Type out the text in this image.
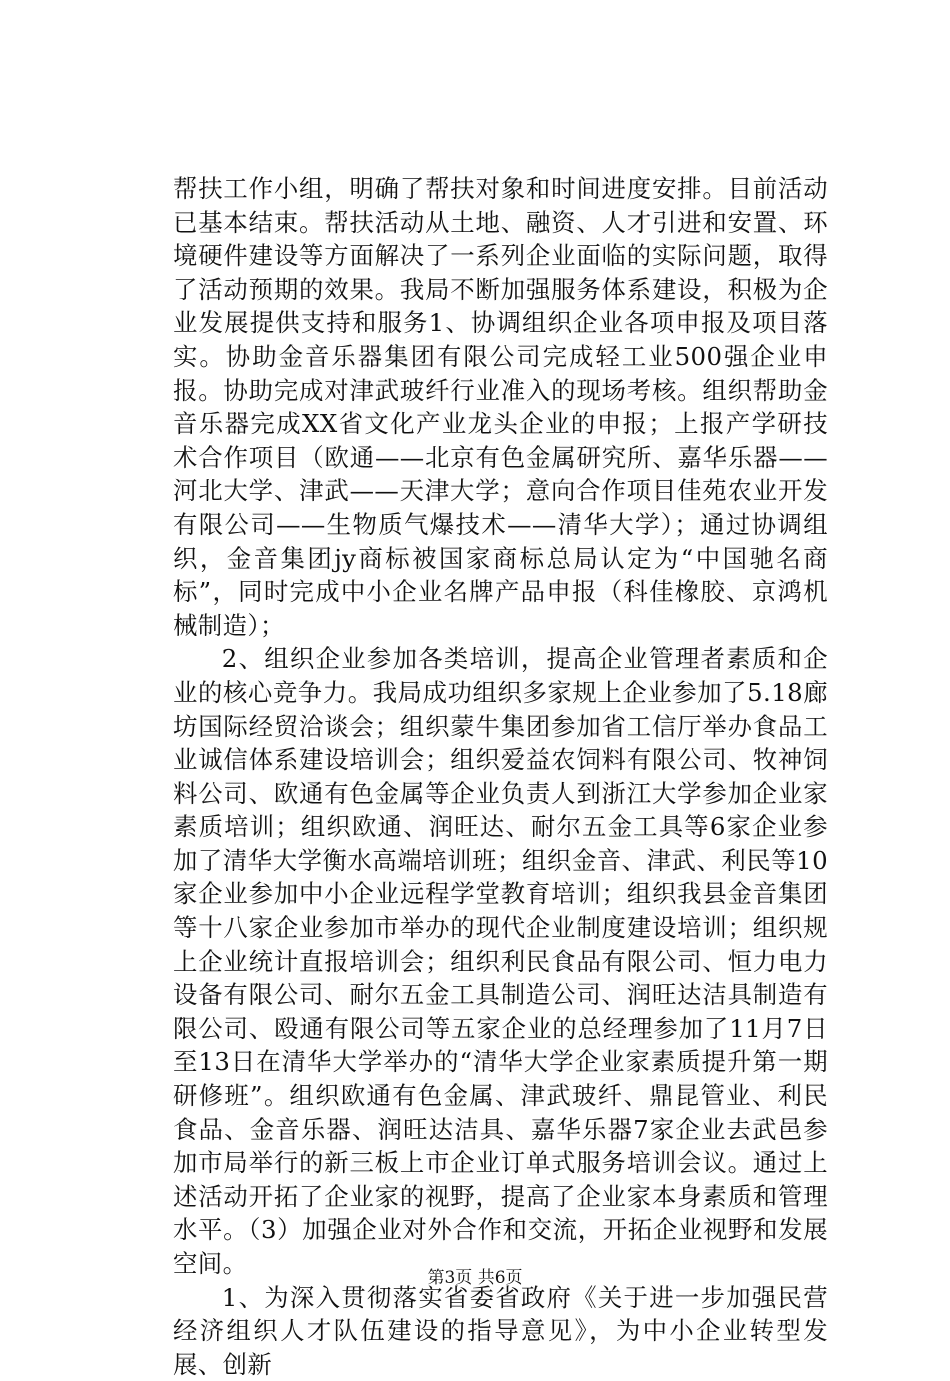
帮扶工作小组，明确了帮扶对象和时间进度安排。目前活动已基本结束。帮扶活动从土地、融资、人才引进和安置、环境硬件建设等方面解决了一系列企业面临的实际问题，取得了活动预期的效果。我局不断加强服务体系建设，积极为企业发展提供支持和服务1、协调组织企业各项申报及项目落实。协助金音乐器集团有限公司完成轻工业500强企业申报。协助完成对津武玻纤行业准入的现场考核。组织帮助金音乐器完成XX省文化产业龙头企业的申报；上报产学研技术合作项目（欧通——北京有色金属研究所、嘉华乐器——河北大学、津武——天津大学；意向合作项目佳苑农业开发有限公司——生物质气爆技术——清华大学）；通过协调组织，金音集团jy商标被国家商标总局认定为“中国驰名商标”，同时完成中小企业名牌产品申报（科佳橡胶、京鸿机械制造）；

2、组织企业参加各类培训，提高企业管理者素质和企业的核心竞争力。我局成功组织多家规上企业参加了5.18廊坊国际经贸洽谈会；组织蒙牛集团参加省工信厅举办食品工业诚信体系建设培训会；组织爱益农饲料有限公司、牧神饲料公司、欧通有色金属等企业负责人到浙江大学参加企业家素质培训；组织欧通、润旺达、耐尔五金工具等6家企业参加了清华大学衡水高端培训班；组织金音、津武、利民等10家企业参加中小企业远程学堂教育培训；组织我县金音集团等十八家企业参加市举办的现代企业制度建设培训；组织规上企业统计直报培训会；组织利民食品有限公司、恒力电力设备有限公司、耐尔五金工具制造公司、润旺达洁具制造有限公司、殴通有限公司等五家企业的总经理参加了11月7日至13日在清华大学举办的“清华大学企业家素质提升第一期研修班”。组织欧通有色金属、津武玻纤、鼎昆管业、利民食品、金音乐器、润旺达洁具、嘉华乐器7家企业去武邑参加市局举行的新三板上市企业订单式服务培训会议。通过上述活动开拓了企业家的视野，提高了企业家本身素质和管理水平。（3）加强企业对外合作和交流，开拓企业视野和发展空间。

1、为深入贯彻落实省委省政府《关于进一步加强民营经济组织人才队伍建设的指导意见》，为中小企业转型发展、创新

第3页 共6页
